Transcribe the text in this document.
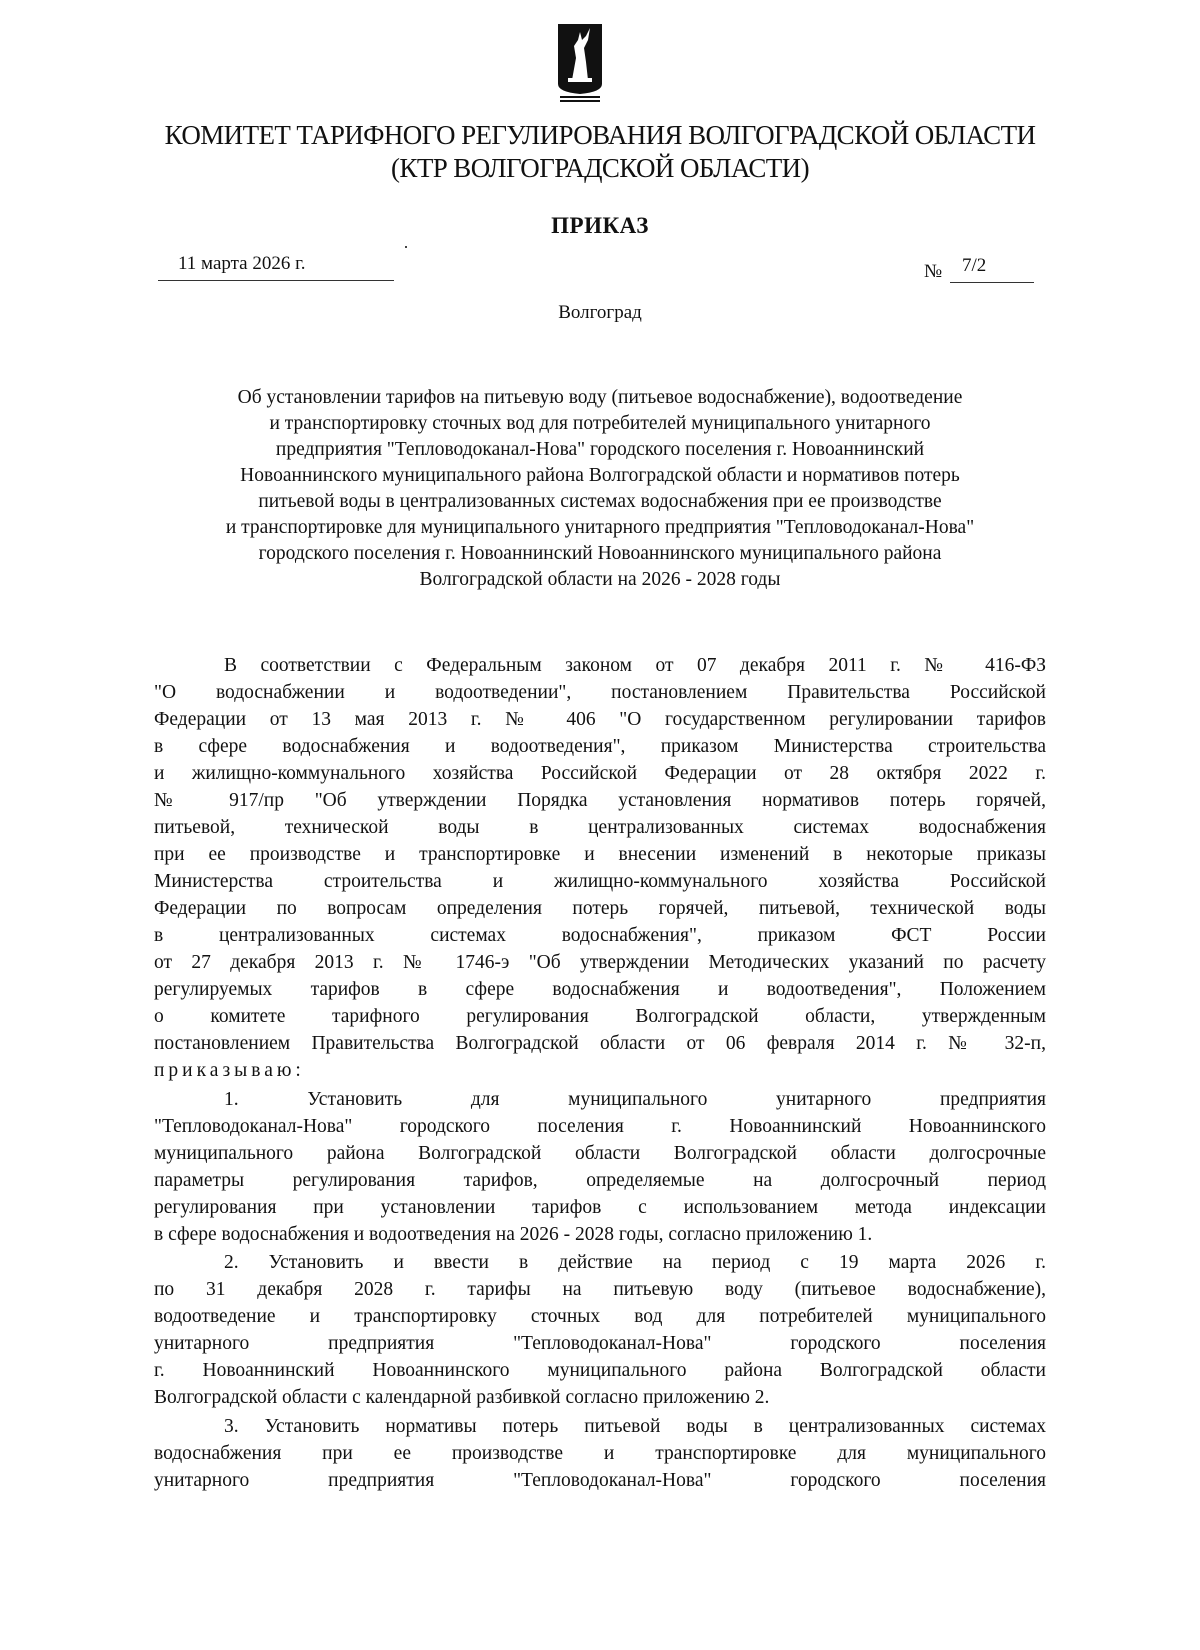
КОМИТЕТ ТАРИФНОГО РЕГУЛИРОВАНИЯ ВОЛГОГРАДСКОЙ ОБЛАСТИ
(КТР ВОЛГОГРАДСКОЙ ОБЛАСТИ)
ПРИКАЗ
11 марта 2026 г.	№	7/2
Волгоград
Об установлении тарифов на питьевую воду (питьевое водоснабжение), водоотведение
и транспортировку сточных вод для потребителей муниципального унитарного
предприятия "Тепловодоканал-Нова" городского поселения г. Новоаннинский
Новоаннинского муниципального района Волгоградской области и нормативов потерь
питьевой воды в централизованных системах водоснабжения при ее производстве
и транспортировке для муниципального унитарного предприятия "Тепловодоканал-Нова"
городского поселения г. Новоаннинский Новоаннинского муниципального района
Волгоградской области на 2026 - 2028 годы
В соответствии с Федеральным законом от 07 декабря 2011 г. № 416-ФЗ
"О водоснабжении и водоотведении", постановлением Правительства Российской
Федерации от 13 мая 2013 г. № 406 "О государственном регулировании тарифов
в сфере водоснабжения и водоотведения", приказом Министерства строительства
и жилищно-коммунального хозяйства Российской Федерации от 28 октября 2022 г.
№ 917/пр "Об утверждении Порядка установления нормативов потерь горячей,
питьевой, технической воды в централизованных системах водоснабжения
при ее производстве и транспортировке и внесении изменений в некоторые приказы
Министерства строительства и жилищно-коммунального хозяйства Российской
Федерации по вопросам определения потерь горячей, питьевой, технической воды
в централизованных системах водоснабжения", приказом ФСТ России
от 27 декабря 2013 г. № 1746-э "Об утверждении Методических указаний по расчету
регулируемых тарифов в сфере водоснабжения и водоотведения", Положением
о комитете тарифного регулирования Волгоградской области, утвержденным
постановлением Правительства Волгоградской области от 06 февраля 2014 г. № 32-п,
приказываю:
1. Установить для муниципального унитарного предприятия
"Тепловодоканал-Нова" городского поселения г. Новоаннинский Новоаннинского
муниципального района Волгоградской области Волгоградской области долгосрочные
параметры регулирования тарифов, определяемые на долгосрочный период
регулирования при установлении тарифов с использованием метода индексации
в сфере водоснабжения и водоотведения на 2026 - 2028 годы, согласно приложению 1.
2. Установить и ввести в действие на период с 19 марта 2026 г.
по 31 декабря 2028 г. тарифы на питьевую воду (питьевое водоснабжение),
водоотведение и транспортировку сточных вод для потребителей муниципального
унитарного предприятия "Тепловодоканал-Нова" городского поселения
г. Новоаннинский Новоаннинского муниципального района Волгоградской области
Волгоградской области с календарной разбивкой согласно приложению 2.
3. Установить нормативы потерь питьевой воды в централизованных системах
водоснабжения при ее производстве и транспортировке для муниципального
унитарного предприятия "Тепловодоканал-Нова" городского поселения
